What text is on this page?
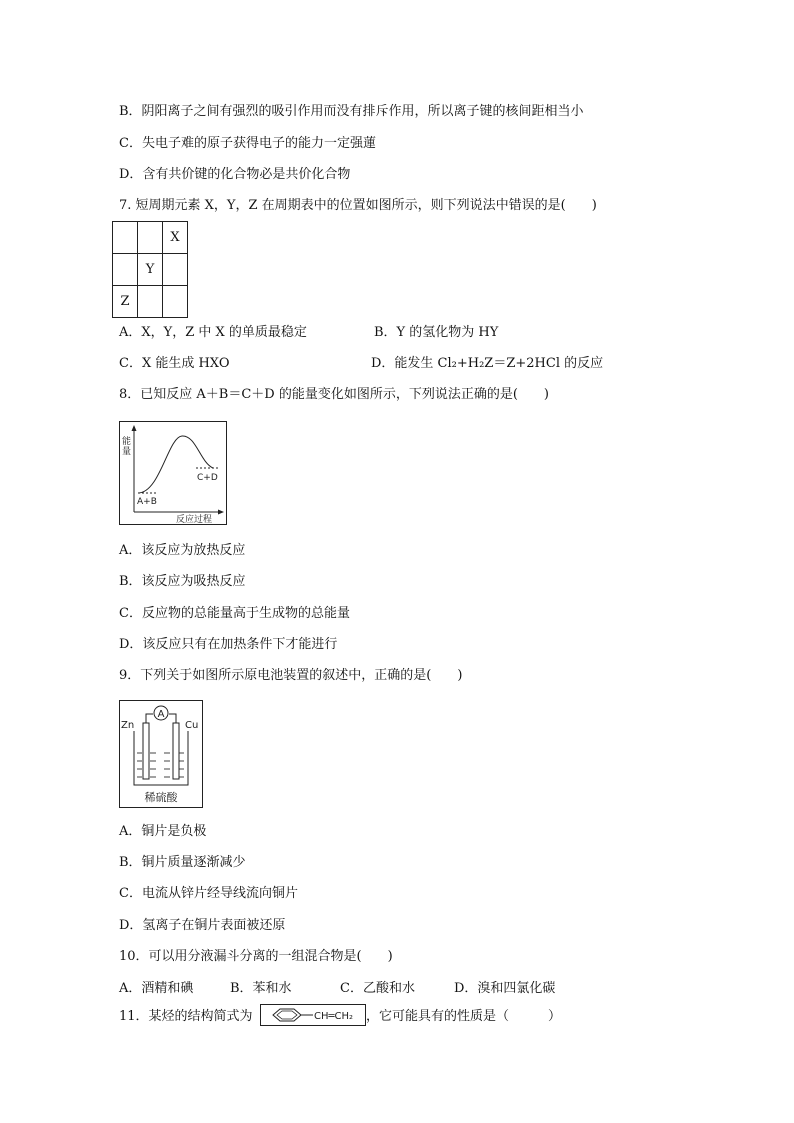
B．阴阳离子之间有强烈的吸引作用而没有排斥作用，所以离子键的核间距相当小
C．失电子难的原子获得电子的能力一定强蓮
D．含有共价键的化合物必是共价化合物
7. 短周期元素 X，Y，Z 在周期表中的位置如图所示，则下列说法中错误的是(　　)
		X
	Y	
Z		
A．X，Y，Z 中 X 的单质最稳定	B．Y 的氢化物为 HY
C．X 能生成 HXO	D．能发生 Cl₂+H₂Z＝Z+2HCl 的反应
8．已知反应 A＋B＝C＋D 的能量变化如图所示，下列说法正确的是(　　)
能
量
A+B
C+D
反应过程
A．该反应为放热反应
B．该反应为吸热反应
C．反应物的总能量高于生成物的总能量
D．该反应只有在加热条件下才能进行
9．下列关于如图所示原电池装置的叙述中，正确的是(　　)
A
Zn	Cu
稀硫酸
A．铜片是负极
B．铜片质量逐渐减少
C．电流从锌片经导线流向铜片
D．氢离子在铜片表面被还原
10．可以用分液漏斗分离的一组混合物是(　　)
A．酒精和碘	B．苯和水	C．乙酸和水	D．溴和四氯化碳
11．某烃的结构简式为	CH═CH₂ ，它可能具有的性质是（　　　）
